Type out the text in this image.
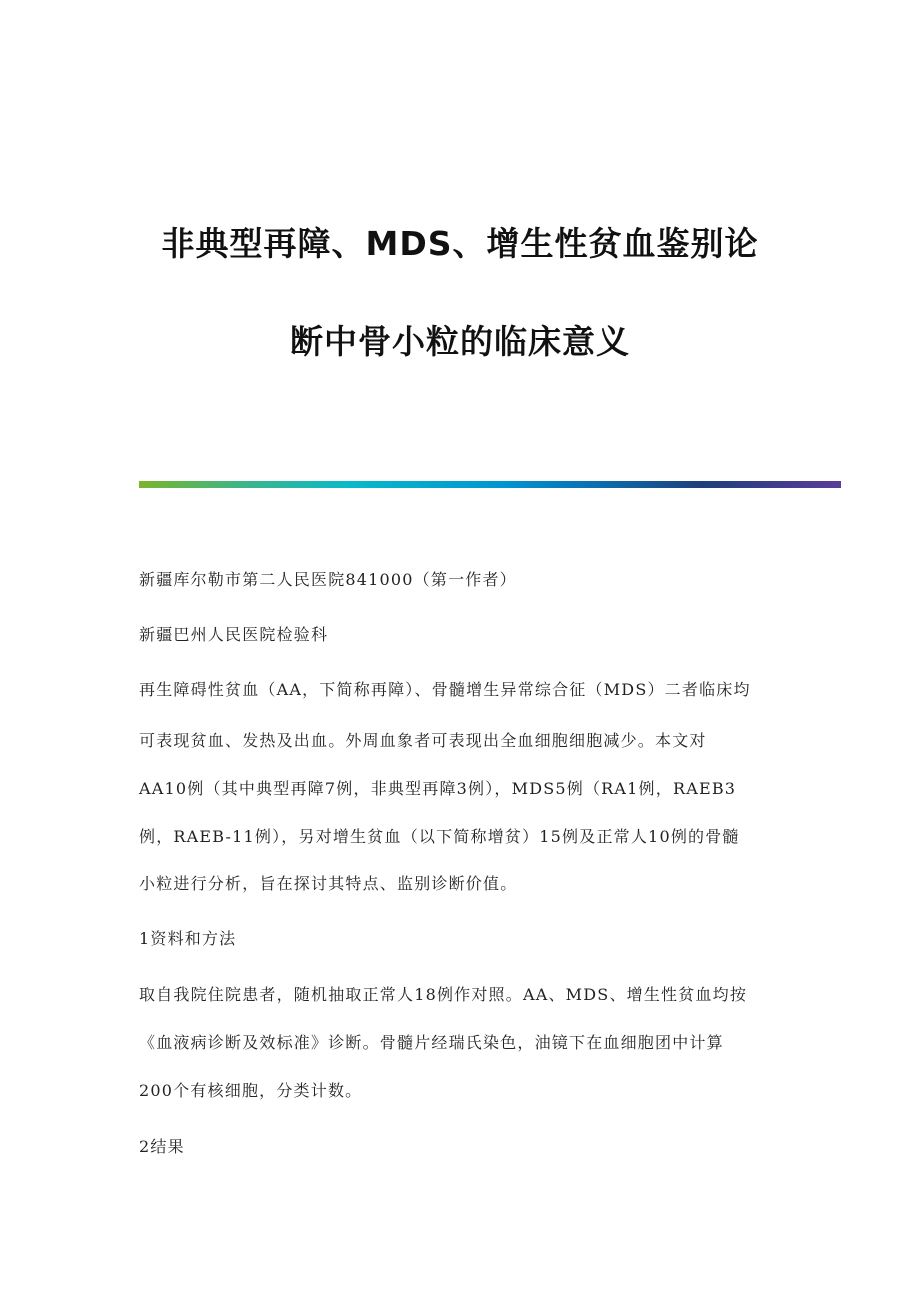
非典型再障、MDS、增生性贫血鉴别论
断中骨小粒的临床意义
新疆库尔勒市第二人民医院841000（第一作者）
新疆巴州人民医院检验科
再生障碍性贫血（AA，下简称再障）、骨髓增生异常综合征（MDS）二者临床均
可表现贫血、发热及出血。外周血象者可表现出全血细胞细胞减少。本文对
AA10例（其中典型再障7例，非典型再障3例），MDS5例（RA1例，RAEB3
例，RAEB-11例），另对增生贫血（以下简称增贫）15例及正常人10例的骨髓
小粒进行分析，旨在探讨其特点、监别诊断价值。
1资料和方法
取自我院住院患者，随机抽取正常人18例作对照。AA、MDS、增生性贫血均按
《血液病诊断及效标准》诊断。骨髓片经瑞氏染色，油镜下在血细胞团中计算
200个有核细胞，分类计数。
2结果
